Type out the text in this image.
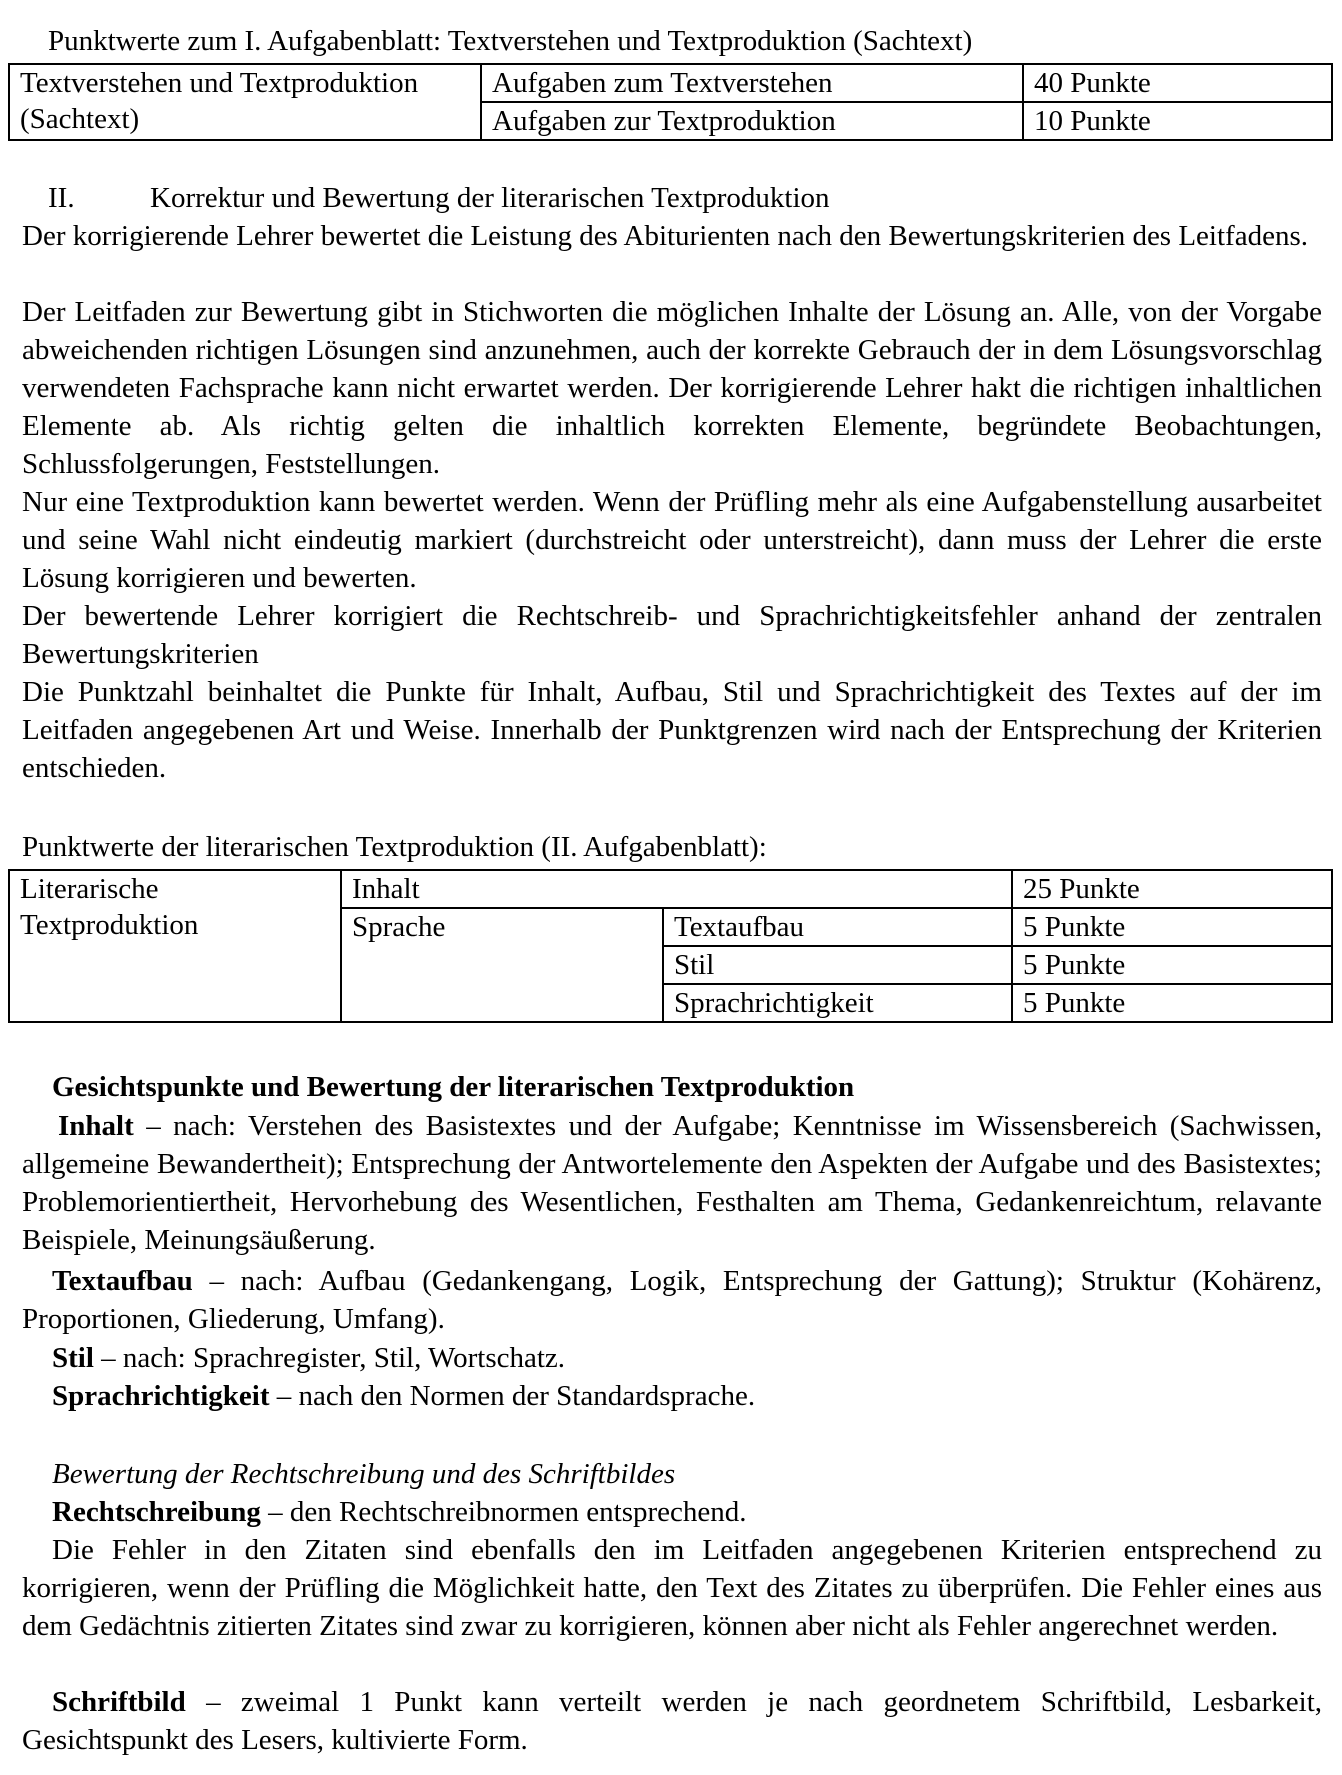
Punktwerte zum I. Aufgabenblatt: Textverstehen und Textproduktion (Sachtext)
Textverstehen und Textproduktion (Sachtext)	Aufgaben zum Textverstehen	40 Punkte
	Aufgaben zur Textproduktion	10 Punkte
II.	Korrektur und Bewertung der literarischen Textproduktion
Der korrigierende Lehrer bewertet die Leistung des Abiturienten nach den Bewertungskriterien des Leitfadens.
Der Leitfaden zur Bewertung gibt in Stichworten die möglichen Inhalte der Lösung an. Alle, von der Vorgabe abweichenden richtigen Lösungen sind anzunehmen, auch der korrekte Gebrauch der in dem Lösungsvorschlag verwendeten Fachsprache kann nicht erwartet werden. Der korrigierende Lehrer hakt die richtigen inhaltlichen Elemente ab. Als richtig gelten die inhaltlich korrekten Elemente, begründete Beobachtungen, Schlussfolgerungen, Feststellungen.
Nur eine Textproduktion kann bewertet werden. Wenn der Prüfling mehr als eine Aufgabenstellung ausarbeitet und seine Wahl nicht eindeutig markiert (durchstreicht oder unterstreicht), dann muss der Lehrer die erste Lösung korrigieren und bewerten.
Der bewertende Lehrer korrigiert die Rechtschreib- und Sprachrichtigkeitsfehler anhand der zentralen Bewertungskriterien
Die Punktzahl beinhaltet die Punkte für Inhalt, Aufbau, Stil und Sprachrichtigkeit des Textes auf der im Leitfaden angegebenen Art und Weise. Innerhalb der Punktgrenzen wird nach der Entsprechung der Kriterien entschieden.
Punktwerte der literarischen Textproduktion (II. Aufgabenblatt):
Literarische Textproduktion	Inhalt		25 Punkte
	Sprache	Textaufbau	5 Punkte
		Stil	5 Punkte
		Sprachrichtigkeit	5 Punkte
Gesichtspunkte und Bewertung der literarischen Textproduktion
Inhalt – nach: Verstehen des Basistextes und der Aufgabe; Kenntnisse im Wissensbereich (Sachwissen, allgemeine Bewandertheit); Entsprechung der Antwortelemente den Aspekten der Aufgabe und des Basistextes; Problemorientiertheit, Hervorhebung des Wesentlichen, Festhalten am Thema, Gedankenreichtum, relavante Beispiele, Meinungsäußerung.
Textaufbau – nach: Aufbau (Gedankengang, Logik, Entsprechung der Gattung); Struktur (Kohärenz, Proportionen, Gliederung, Umfang).
Stil – nach: Sprachregister, Stil, Wortschatz.
Sprachrichtigkeit – nach den Normen der Standardsprache.
Bewertung der Rechtschreibung und des Schriftbildes
Rechtschreibung – den Rechtschreibnormen entsprechend.
Die Fehler in den Zitaten sind ebenfalls den im Leitfaden angegebenen Kriterien entsprechend zu korrigieren, wenn der Prüfling die Möglichkeit hatte, den Text des Zitates zu überprüfen. Die Fehler eines aus dem Gedächtnis zitierten Zitates sind zwar zu korrigieren, können aber nicht als Fehler angerechnet werden.
Schriftbild – zweimal 1 Punkt kann verteilt werden je nach geordnetem Schriftbild, Lesbarkeit, Gesichtspunkt des Lesers, kultivierte Form.
